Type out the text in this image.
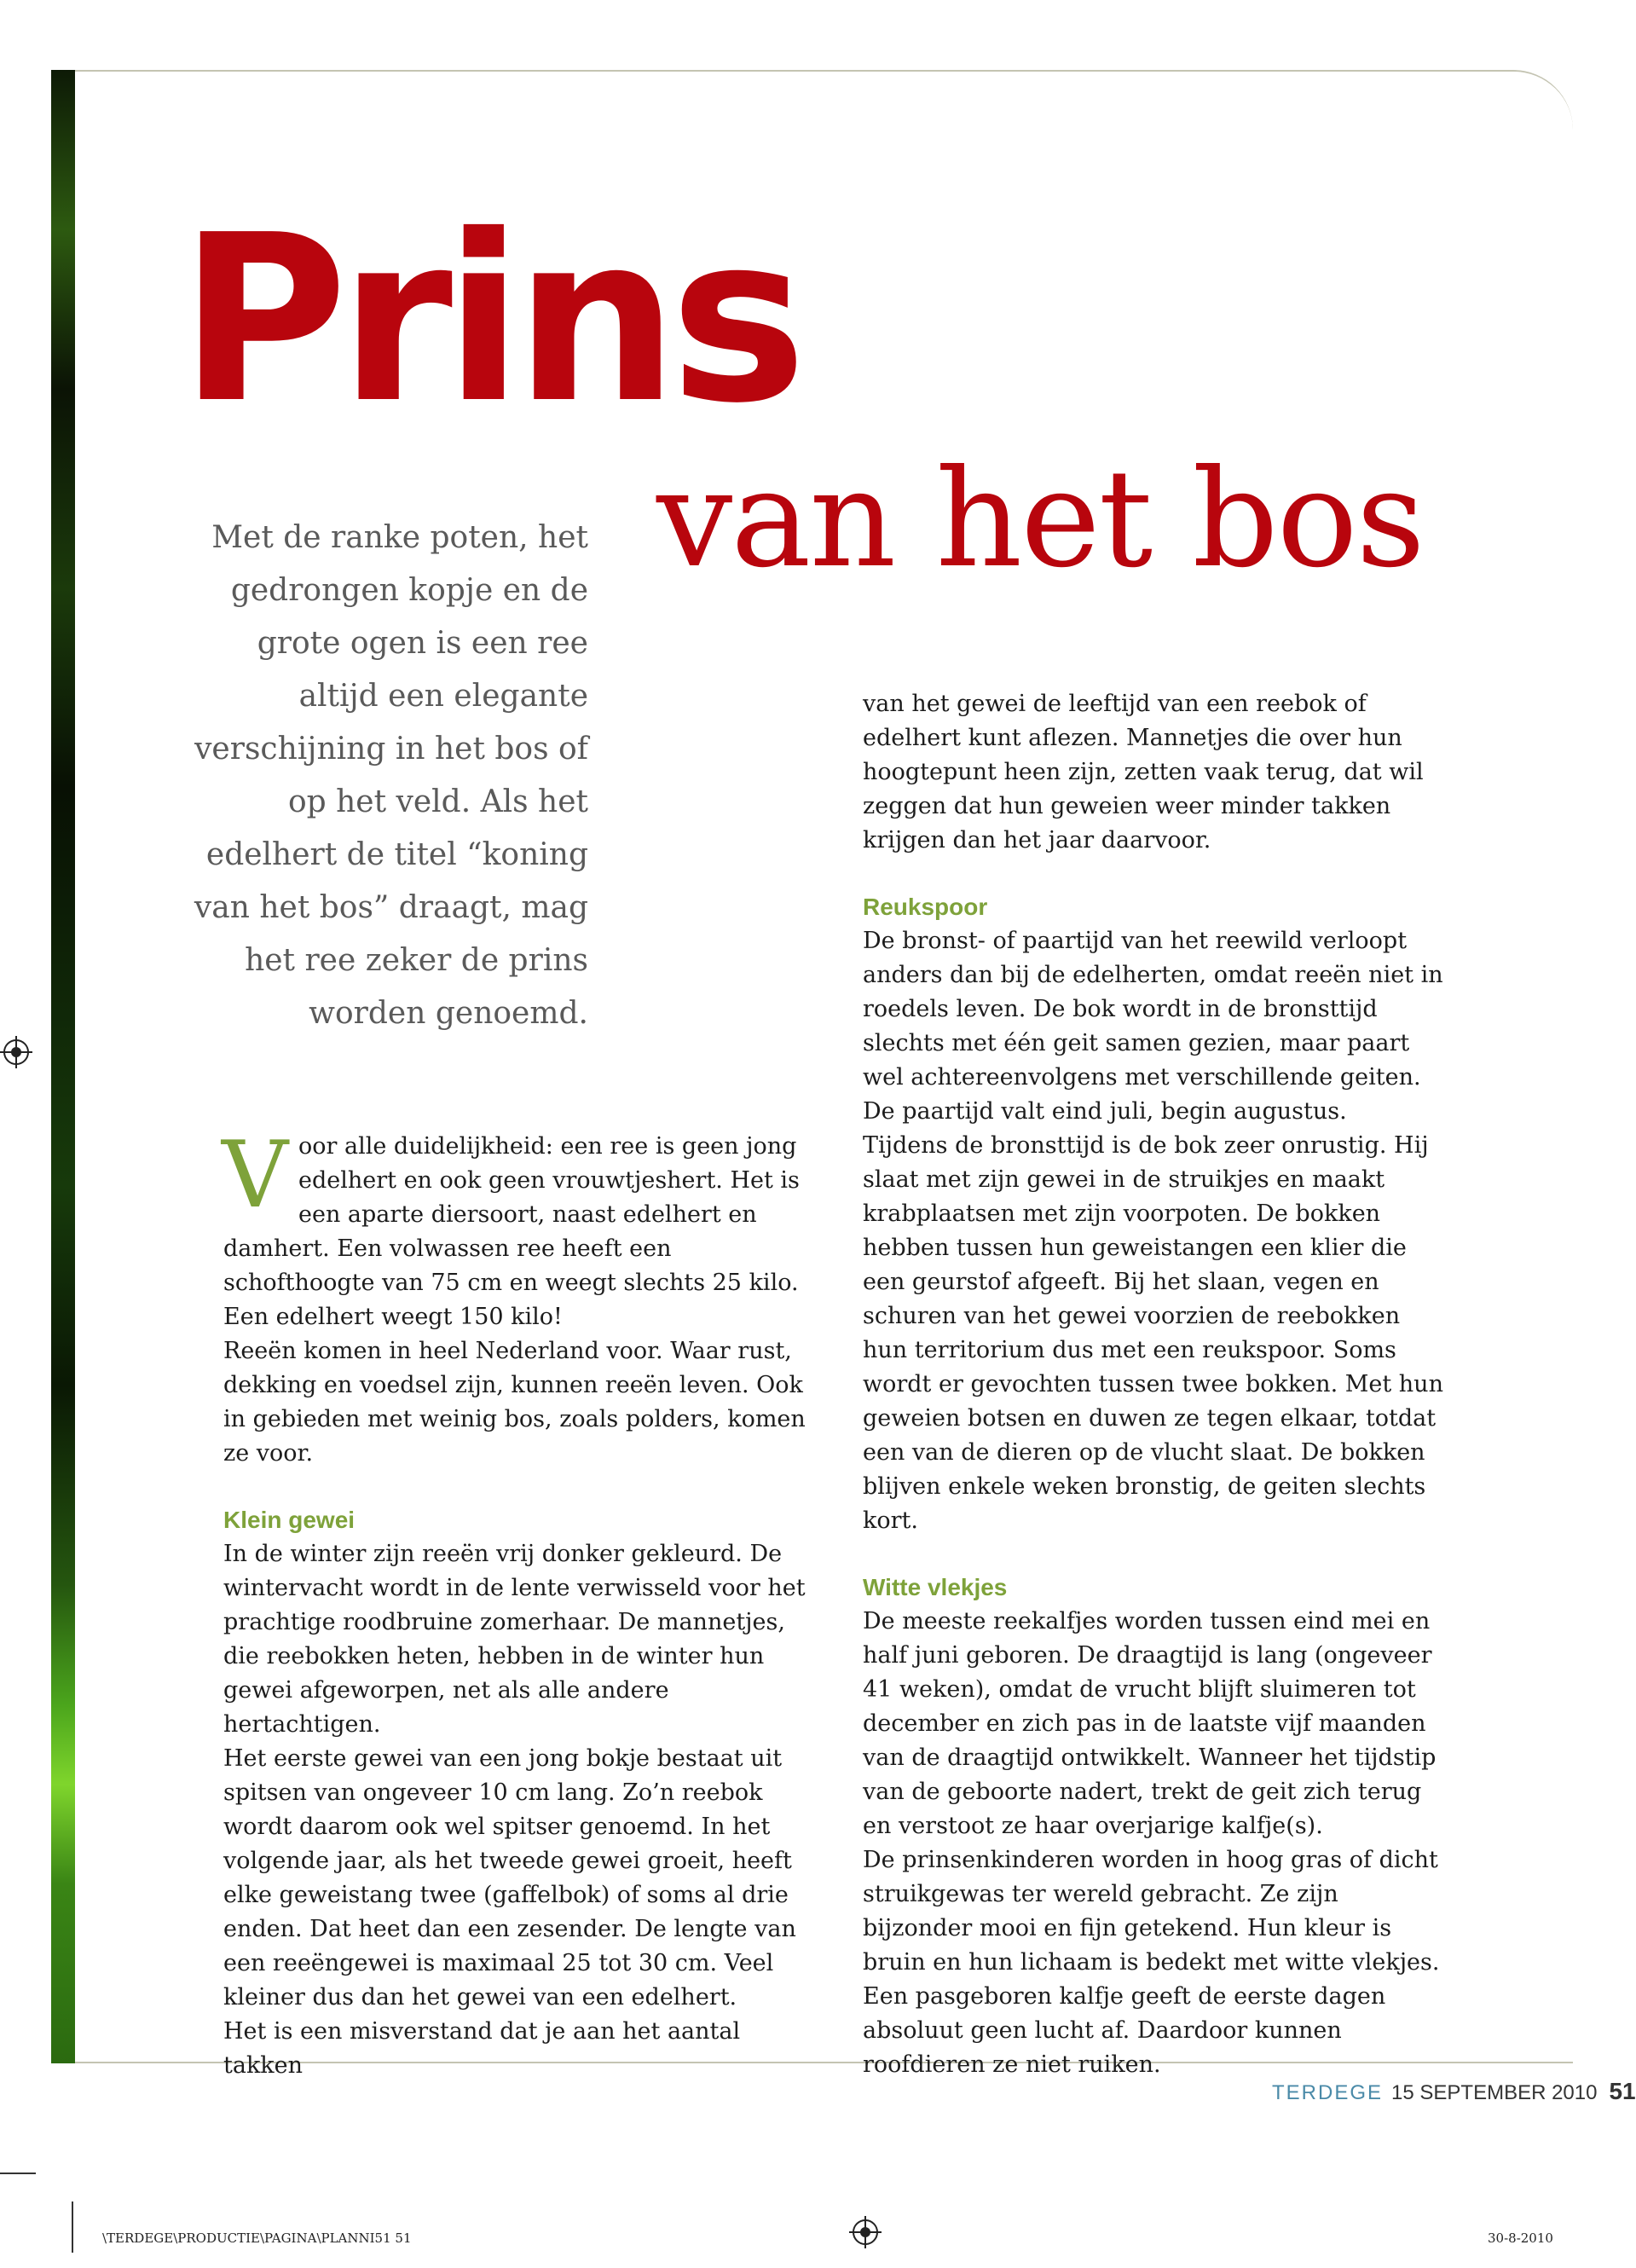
Prins
van het bos

Met de ranke poten, het gedrongen kopje en de grote ogen is een ree altijd een elegante verschijning in het bos of op het veld. Als het edelhert de titel “koning van het bos” draagt, mag het ree zeker de prins worden genoemd.

Voor alle duidelijkheid: een ree is geen jong edelhert en ook geen vrouwtjeshert. Het is een aparte diersoort, naast edelhert en damhert. Een volwassen ree heeft een schofthoogte van 75 cm en weegt slechts 25 kilo. Een edelhert weegt 150 kilo!

Reeën komen in heel Nederland voor. Waar rust, dekking en voedsel zijn, kunnen reeën leven. Ook in gebieden met weinig bos, zoals polders, komen ze voor.

Klein gewei

In de winter zijn reeën vrij donker gekleurd. De wintervacht wordt in de lente verwisseld voor het prachtige roodbruine zomerhaar. De mannetjes, die reebokken heten, hebben in de winter hun gewei afgeworpen, net als alle andere hertachtigen.

Het eerste gewei van een jong bokje bestaat uit spitsen van ongeveer 10 cm lang. Zo’n reebok wordt daarom ook wel spitser genoemd. In het volgende jaar, als het tweede gewei groeit, heeft elke geweistang twee (gaffelbok) of soms al drie enden. Dat heet dan een zesender. De lengte van een reeëngewei is maximaal 25 tot 30 cm. Veel kleiner dus dan het gewei van een edelhert.

Het is een misverstand dat je aan het aantal takken

van het gewei de leeftijd van een reebok of edelhert kunt aflezen. Mannetjes die over hun hoogtepunt heen zijn, zetten vaak terug, dat wil zeggen dat hun geweien weer minder takken krijgen dan het jaar daarvoor.

Reukspoor

De bronst- of paartijd van het reewild verloopt anders dan bij de edelherten, omdat reeën niet in roedels leven. De bok wordt in de bronsttijd slechts met één geit samen gezien, maar paart wel achtereenvolgens met verschillende geiten. De paartijd valt eind juli, begin augustus.

Tijdens de bronsttijd is de bok zeer onrustig. Hij slaat met zijn gewei in de struikjes en maakt krabplaatsen met zijn voorpoten. De bokken hebben tussen hun geweistangen een klier die een geurstof afgeeft. Bij het slaan, vegen en schuren van het gewei voorzien de reebokken hun territorium dus met een reukspoor. Soms wordt er gevochten tussen twee bokken. Met hun geweien botsen en duwen ze tegen elkaar, totdat een van de dieren op de vlucht slaat. De bokken blijven enkele weken bronstig, de geiten slechts kort.

Witte vlekjes

De meeste reekalfjes worden tussen eind mei en half juni geboren. De draagtijd is lang (ongeveer 41 weken), omdat de vrucht blijft sluimeren tot december en zich pas in de laatste vijf maanden van de draagtijd ontwikkelt. Wanneer het tijdstip van de geboorte nadert, trekt de geit zich terug en verstoot ze haar overjarige kalfje(s).

De prinsenkinderen worden in hoog gras of dicht struikgewas ter wereld gebracht. Ze zijn bijzonder mooi en fijn getekend. Hun kleur is bruin en hun lichaam is bedekt met witte vlekjes. Een pasgeboren kalfje geeft de eerste dagen absoluut geen lucht af. Daardoor kunnen roofdieren ze niet ruiken.

TERDEGE 15 SEPTEMBER 2010 51

\TERDEGE\PRODUCTIE\PAGINA\PLANNI51 51	30-8-2010
